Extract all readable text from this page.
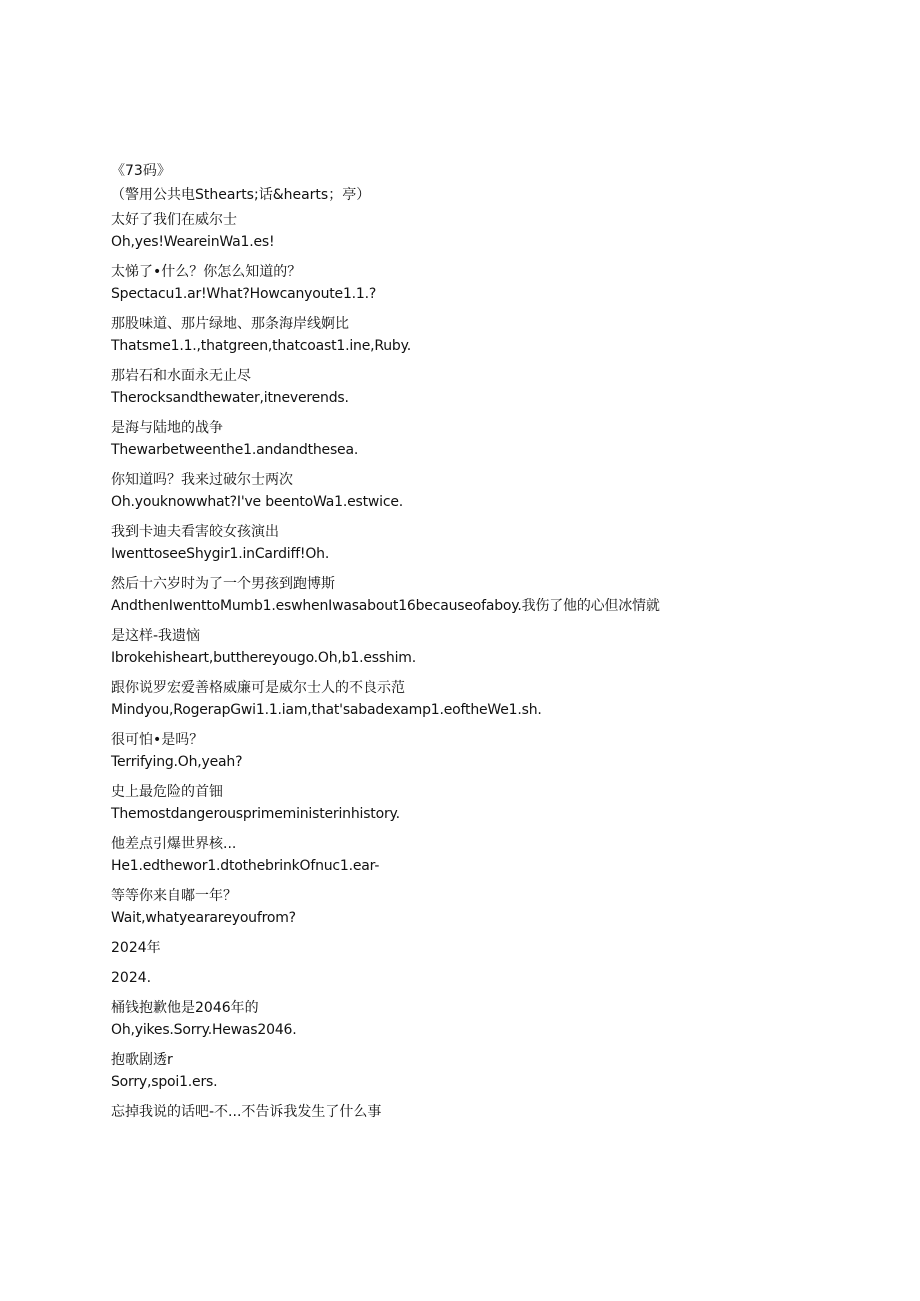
《73码》

（警用公共电Sthearts;话&hearts；亭）

太好了我们在威尔士

Oh,yes!WeareinWa1.es!

太悌了•什么？你怎么知道的？

Spectacu1.ar!What?Howcanyoute1.1.?

那股味道、那片绿地、那条海岸线婀比

Thatsme1.1.,thatgreen,thatcoast1.ine,Ruby.

那岩石和水面永无止尽

Therocksandthewater,itneverends.

是海与陆地的战争

Thewarbetweenthe1.andandthesea.

你知道吗？我来过破尔士两次

Oh.youknowwhat?I've beentoWa1.estwice.

我到卡迪夫看害皎女孩演出

IwenttoseeShygir1.inCardiff!Oh.

然后十六岁时为了一个男孩到跑博斯

AndthenIwenttoMumb1.eswhenIwasabout16becauseofaboy.我伤了他的心但冰情就

是这样-我遗恼

Ibrokehisheart,butthereyougo.Oh,b1.esshim.

跟你说罗宏爱善格威廉可是威尔士人的不良示范

Mindyou,RogerapGwi1.1.iam,that'sabadexamp1.eoftheWe1.sh.

很可怕•是吗？

Terrifying.Oh,yeah?

史上最危险的首钿

Themostdangerousprimeministerinhistory.

他差点引爆世界核...

He1.edthewor1.dtothebrinkOfnuc1.ear-

等等你来自嘟一年？

Wait,whatyeararеyoufrom?

2024年

2024.

桶钱抱歉他是2046年的

Oh,yikes.Sorry.Hewas2046.

抱歌剧透r

Sorry,spoi1.ers.

忘掉我说的话吧-不...不告诉我发生了什么事
